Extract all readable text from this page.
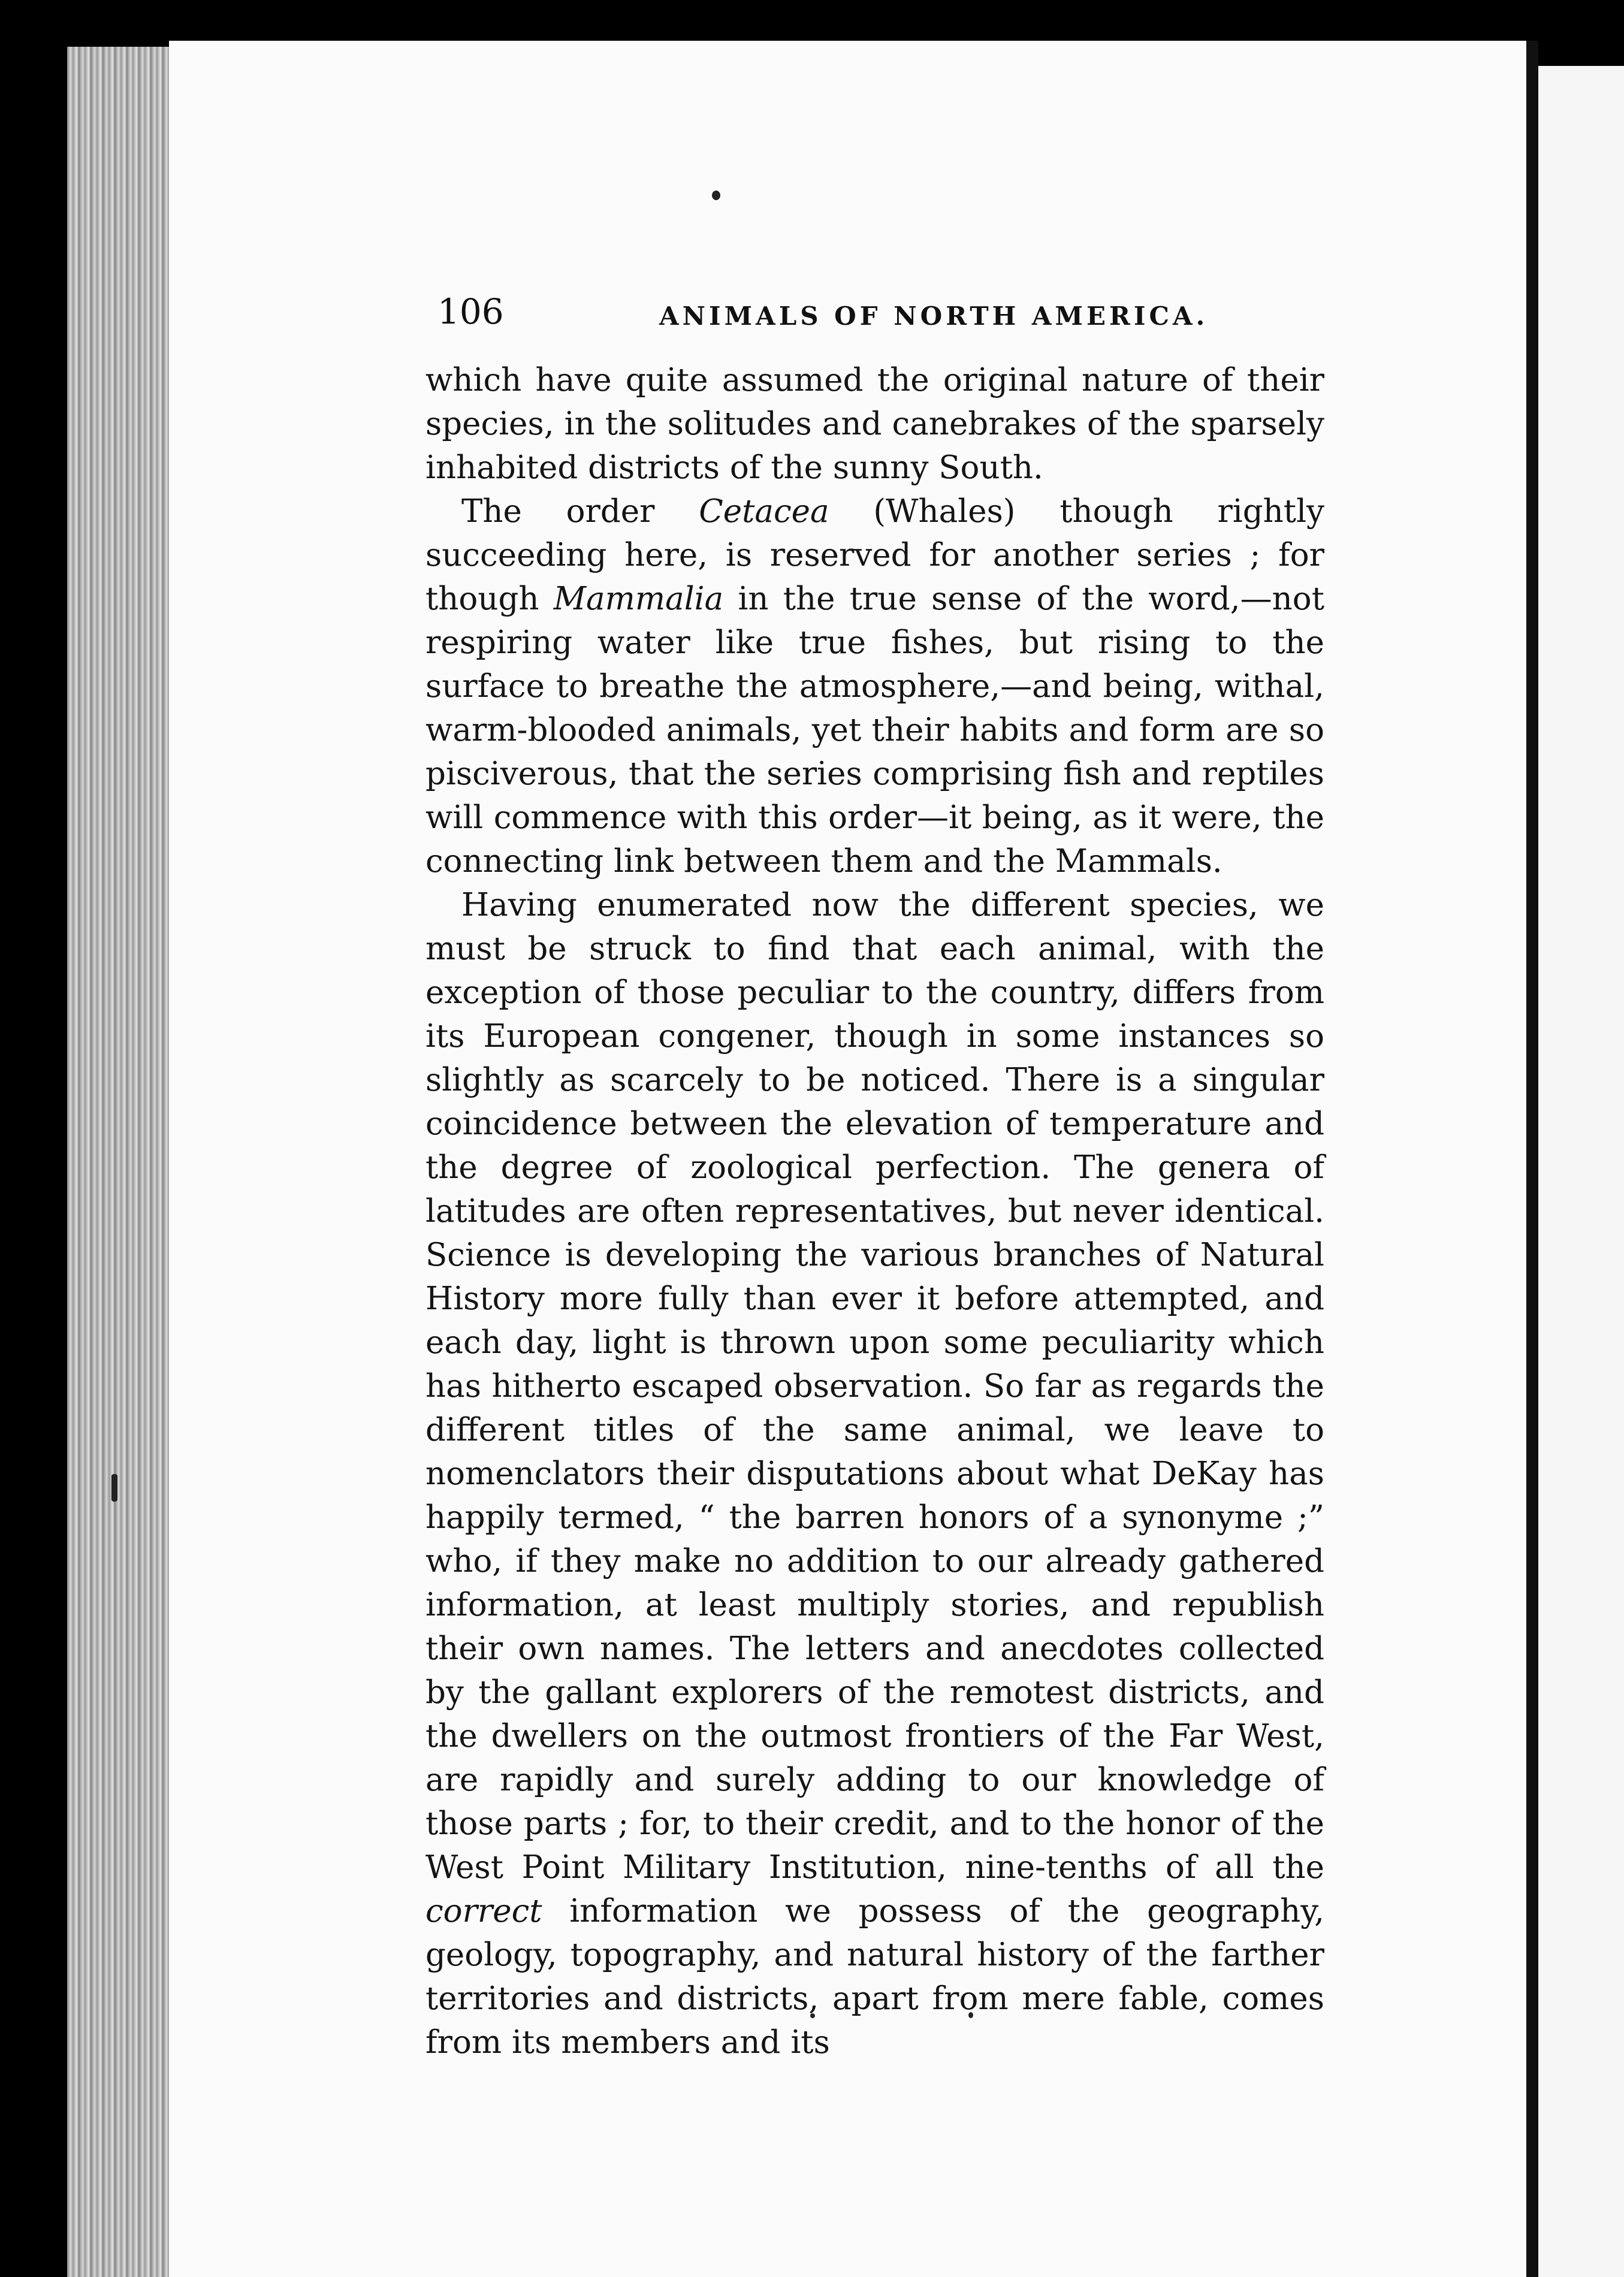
106	ANIMALS OF NORTH AMERICA.

which have quite assumed the original nature of their species, in the solitudes and canebrakes of the sparsely inhabited districts of the sunny South.

The order Cetacea (Whales) though rightly succeeding here, is reserved for another series ; for though Mammalia in the true sense of the word,—not respiring water like true fishes, but rising to the surface to breathe the atmosphere,—and being, withal, warm-blooded animals, yet their habits and form are so pisciverous, that the series comprising fish and reptiles will commence with this order—it being, as it were, the connecting link between them and the Mammals.

Having enumerated now the different species, we must be struck to find that each animal, with the exception of those peculiar to the country, differs from its European congener, though in some instances so slightly as scarcely to be noticed. There is a singular coincidence between the elevation of temperature and the degree of zoological perfection. The genera of latitudes are often representatives, but never identical. Science is developing the various branches of Natural History more fully than ever it before attempted, and each day, light is thrown upon some peculiarity which has hitherto escaped observation. So far as regards the different titles of the same animal, we leave to nomenclators their disputations about what DeKay has happily termed, “ the barren honors of a synonyme ;” who, if they make no addition to our already gathered information, at least multiply stories, and republish their own names. The letters and anecdotes collected by the gallant explorers of the remotest districts, and the dwellers on the outmost frontiers of the Far West, are rapidly and surely adding to our knowledge of those parts ; for, to their credit, and to the honor of the West Point Military Institution, nine-tenths of all the correct information we possess of the geography, geology, topography, and natural history of the farther territories and districts, apart from mere fable, comes from its members and its
